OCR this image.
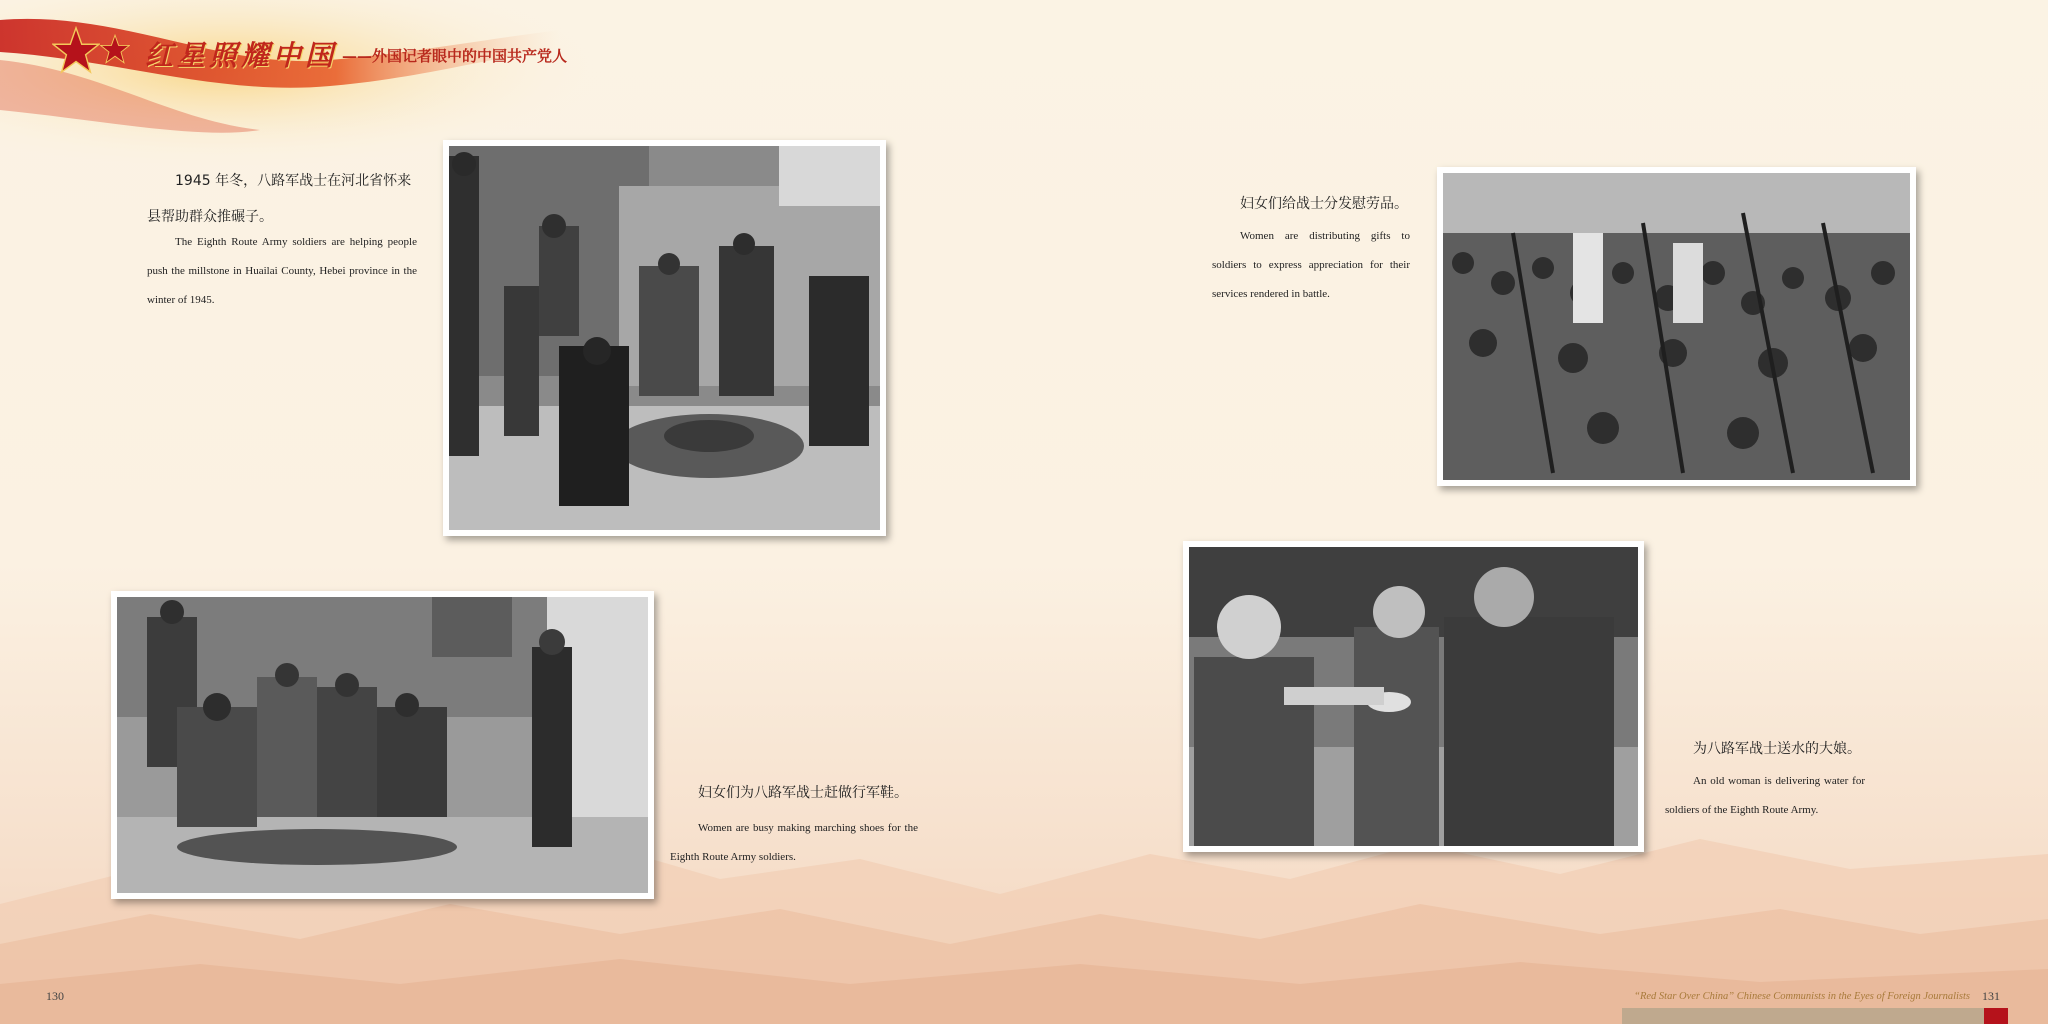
红星照耀中国 ——外国记者眼中的中国共产党人
1945 年冬，八路军战士在河北省怀来县帮助群众推碾子。
The Eighth Route Army soldiers are helping people push the millstone in Huailai County, Hebei province in the winter of 1945.
妇女们为八路军战士赶做行军鞋。
Women are busy making marching shoes for the Eighth Route Army soldiers.
妇女们给战士分发慰劳品。
Women are distributing gifts to soldiers to express appreciation for their services rendered in battle.
为八路军战士送水的大娘。
An old woman is delivering water for soldiers of the Eighth Route Army.
130	“Red Star Over China” Chinese Communists in the Eyes of Foreign Journalists 131
